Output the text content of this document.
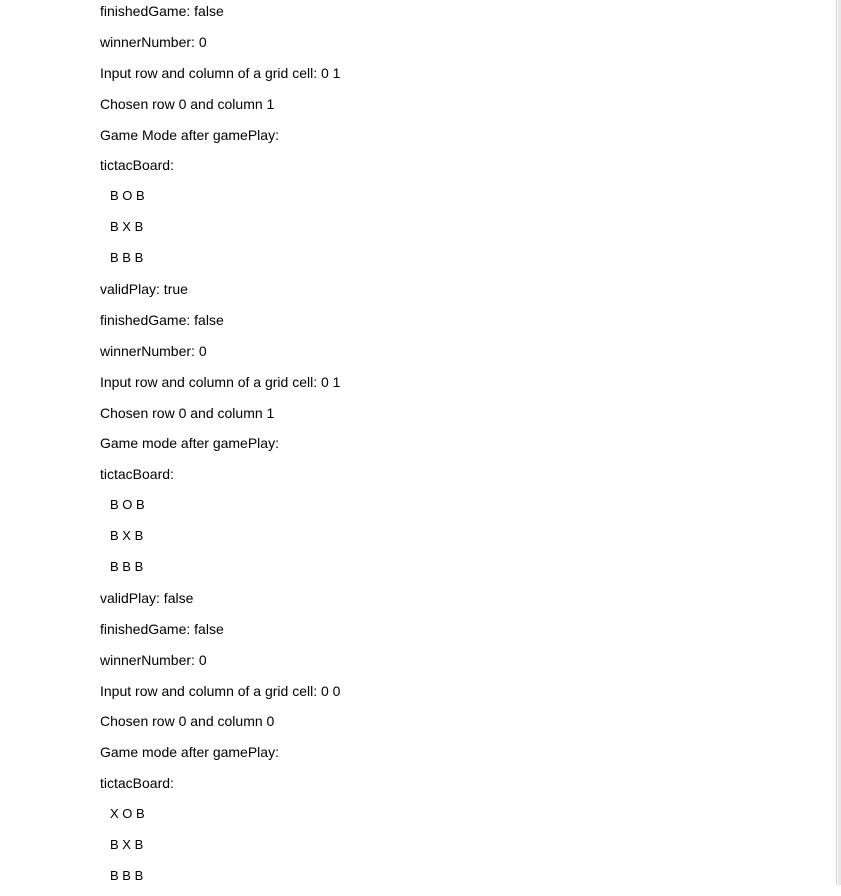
finishedGame: false
winnerNumber: 0
Input row and column of a grid cell: 0 1
Chosen row 0 and column 1
Game Mode after gamePlay:
tictacBoard:
B O B
B X B
B B B
validPlay: true
finishedGame: false
winnerNumber: 0
Input row and column of a grid cell: 0 1
Chosen row 0 and column 1
Game mode after gamePlay:
tictacBoard:
B O B
B X B
B B B
validPlay: false
finishedGame: false
winnerNumber: 0
Input row and column of a grid cell: 0 0
Chosen row 0 and column 0
Game mode after gamePlay:
tictacBoard:
X O B
B X B
B B B
